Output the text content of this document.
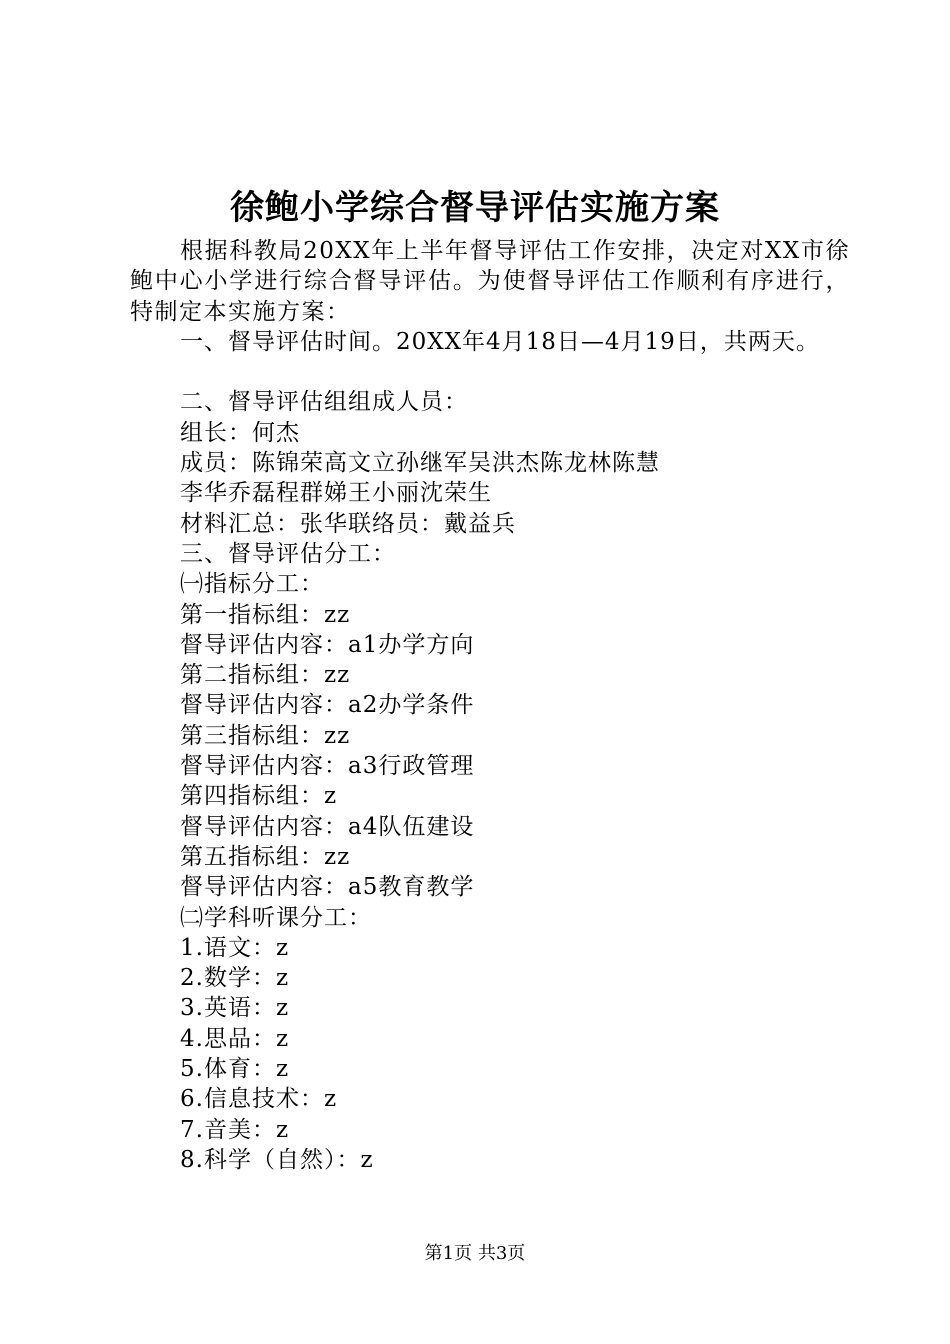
徐鲍小学综合督导评估实施方案

根据科教局20XX年上半年督导评估工作安排，决定对XX市徐鲍中心小学进行综合督导评估。为使督导评估工作顺利有序进行，特制定本实施方案：

一、督导评估时间。20XX年4月18日—4月19日，共两天。

二、督导评估组组成人员：

组长：何杰

成员：陈锦荣高文立孙继军吴洪杰陈龙林陈慧

李华乔磊程群娣王小丽沈荣生

材料汇总：张华联络员：戴益兵

三、督导评估分工：

㈠指标分工：

第一指标组：zz

督导评估内容：a1办学方向

第二指标组：zz

督导评估内容：a2办学条件

第三指标组：zz

督导评估内容：a3行政管理

第四指标组：z

督导评估内容：a4队伍建设

第五指标组：zz

督导评估内容：a5教育教学

㈡学科听课分工：

1.语文：z

2.数学：z

3.英语：z

4.思品：z

5.体育：z

6.信息技术：z

7.音美：z

8.科学（自然）：z

第1页 共3页
